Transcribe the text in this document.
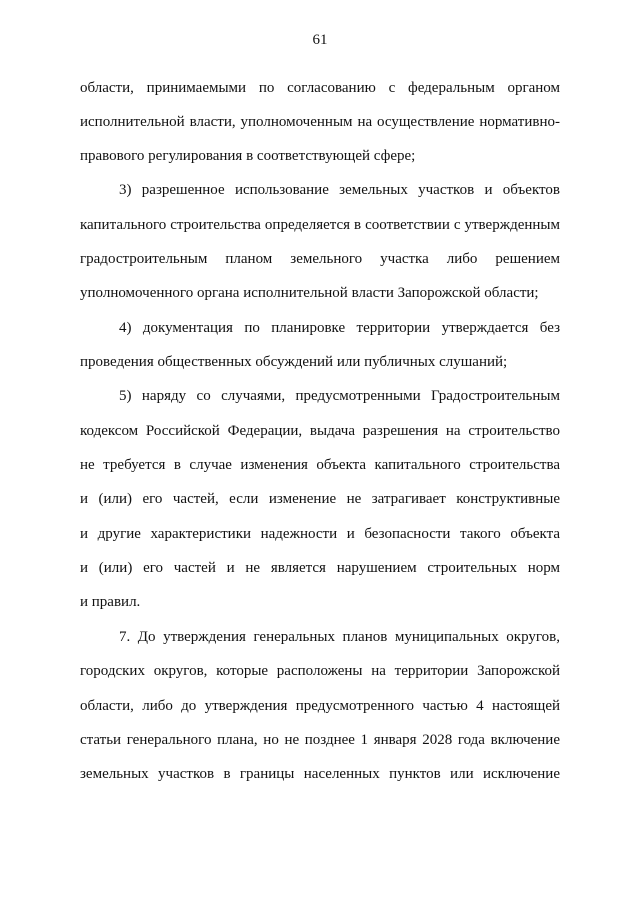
61
области, принимаемыми по согласованию с федеральным органом
исполнительной власти, уполномоченным на осуществление нормативно-
правового регулирования в соответствующей сфере;
3) разрешенное использование земельных участков и объектов
капитального строительства определяется в соответствии с утвержденным
градостроительным планом земельного участка либо решением
уполномоченного органа исполнительной власти Запорожской области;
4) документация по планировке территории утверждается без
проведения общественных обсуждений или публичных слушаний;
5) наряду со случаями, предусмотренными Градостроительным
кодексом Российской Федерации, выдача разрешения на строительство
не требуется в случае изменения объекта капитального строительства
и (или) его частей, если изменение не затрагивает конструктивные
и другие характеристики надежности и безопасности такого объекта
и (или) его частей и не является нарушением строительных норм
и правил.
7. До утверждения генеральных планов муниципальных округов,
городских округов, которые расположены на территории Запорожской
области, либо до утверждения предусмотренного частью 4 настоящей
статьи генерального плана, но не позднее 1 января 2028 года включение
земельных участков в границы населенных пунктов или исключение
